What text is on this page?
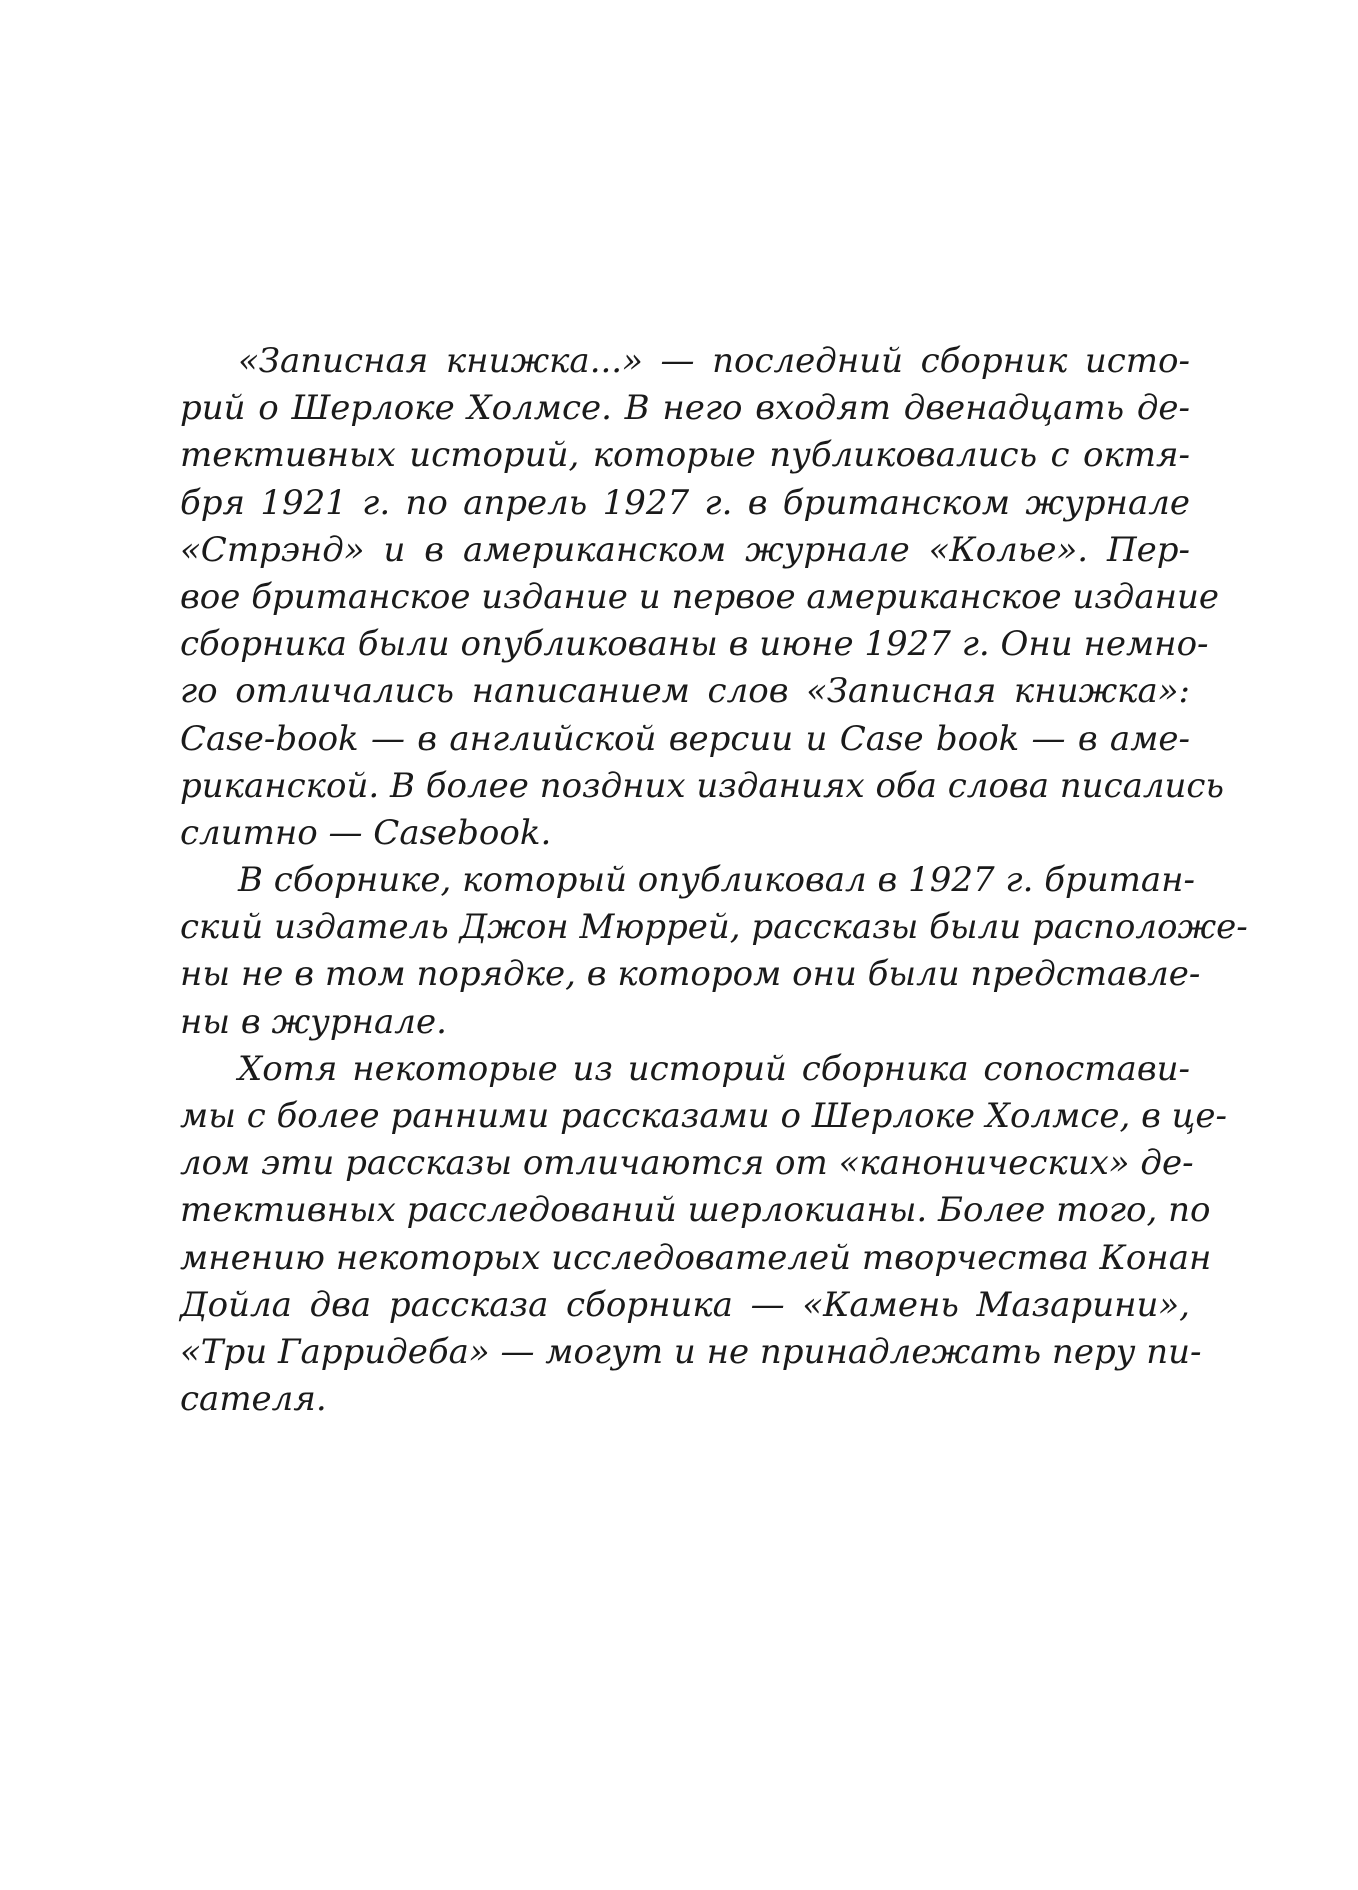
«Записная книжка...» — последний сборник исто-
рий о Шерлоке Холмсе. В него входят двенадцать де-
тективных историй, которые публиковались с октя-
бря 1921 г. по апрель 1927 г. в британском журнале
«Стрэнд» и в американском журнале «Колье». Пер-
вое британское издание и первое американское издание
сборника были опубликованы в июне 1927 г. Они немно-
го отличались написанием слов «Записная книжка»:
Case-book — в английской версии и Case book — в аме-
риканской. В более поздних изданиях оба слова писались
слитно — Casebook.
В сборнике, который опубликовал в 1927 г. британ-
ский издатель Джон Мюррей, рассказы были расположе-
ны не в том порядке, в котором они были представле-
ны в журнале.
Хотя некоторые из историй сборника сопостави-
мы с более ранними рассказами о Шерлоке Холмсе, в це-
лом эти рассказы отличаются от «канонических» де-
тективных расследований шерлокианы. Более того, по
мнению некоторых исследователей творчества Конан
Дойла два рассказа сборника — «Камень Мазарини»,
«Три Гарридеба» — могут и не принадлежать перу пи-
сателя.
